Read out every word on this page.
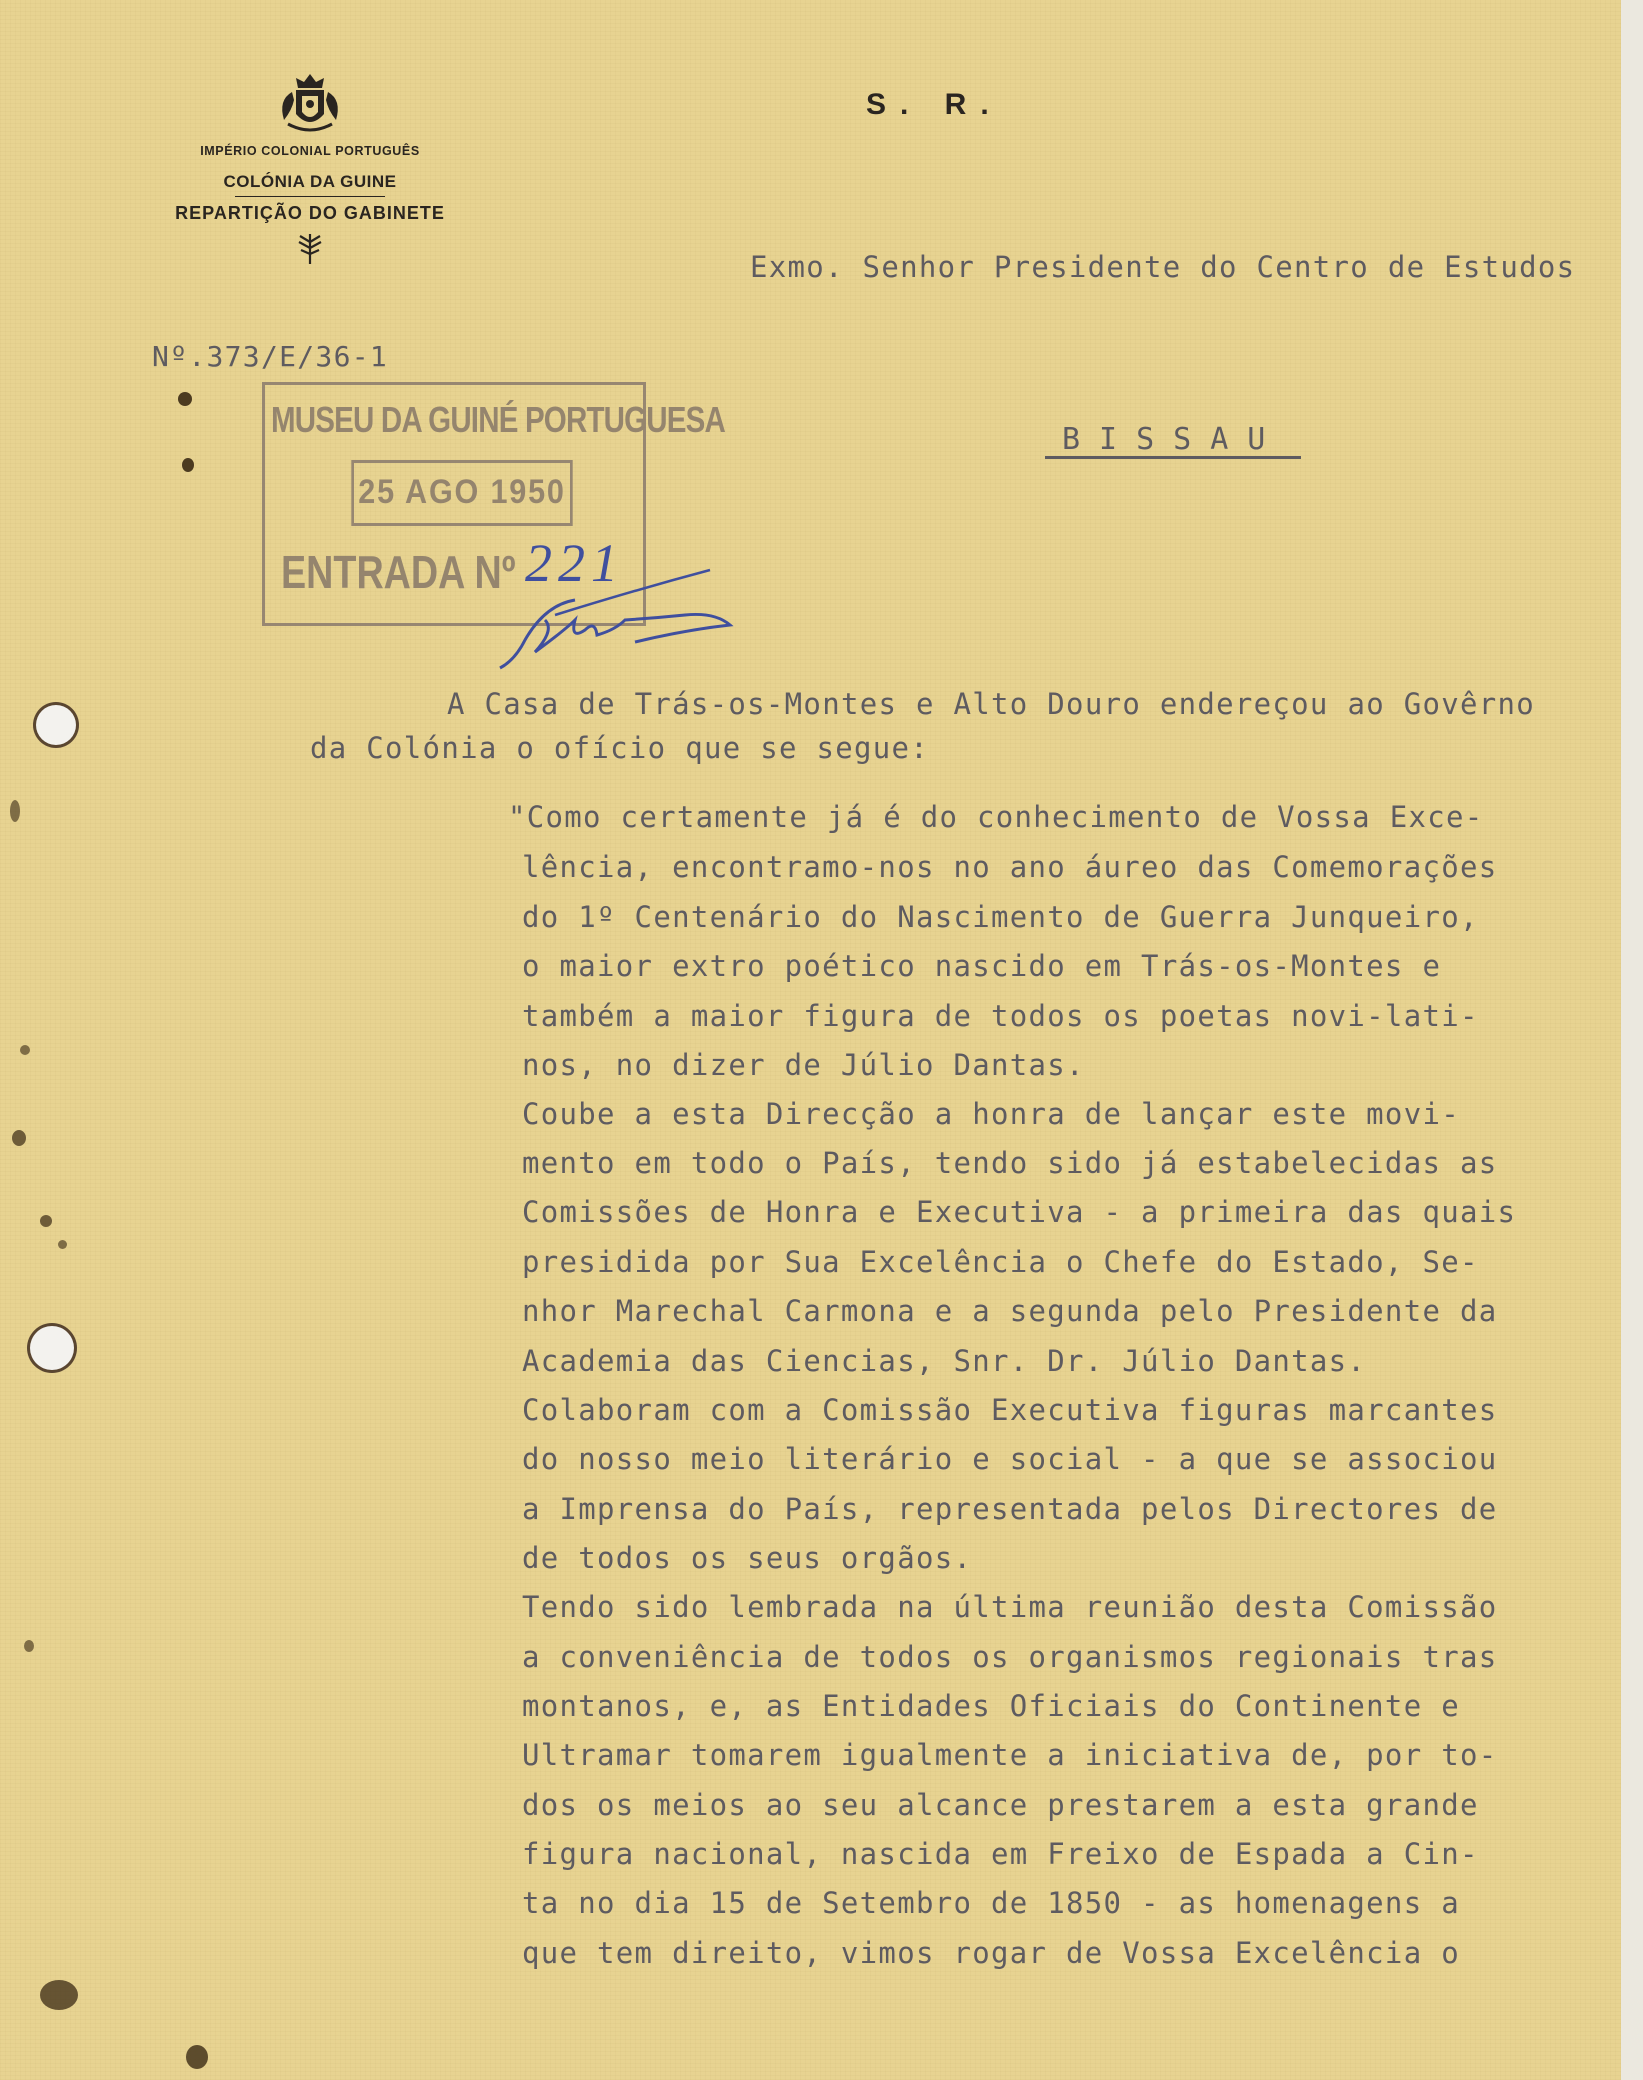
IMPÉRIO COLONIAL PORTUGUÊS
COLÓNIA DA GUINE
REPARTIÇÃO DO GABINETE
S. R.
Exmo. Senhor Presidente do Centro de Estudos
Nº.373/E/36-1
BISSAU
MUSEU DA GUINÉ PORTUGUESA
25 AGO 1950
ENTRADA Nº 221
A Casa de Trás-os-Montes e Alto Douro endereçou ao Govêrno
da Colónia o ofício que se segue:
"Como certamente já é do conhecimento de Vossa Exce-
lência, encontramo-nos no ano áureo das Comemorações
do 1º Centenário do Nascimento de Guerra Junqueiro,
o maior extro poético nascido em Trás-os-Montes e
também a maior figura de todos os poetas novi-lati-
nos, no dizer de Júlio Dantas.
Coube a esta Direcção a honra de lançar este movi-
mento em todo o País, tendo sido já estabelecidas as
Comissões de Honra e Executiva - a primeira das quais
presidida por Sua Excelência o Chefe do Estado, Se-
nhor Marechal Carmona e a segunda pelo Presidente da
Academia das Ciencias, Snr. Dr. Júlio Dantas.
Colaboram com a Comissão Executiva figuras marcantes
do nosso meio literário e social - a que se associou
a Imprensa do País, representada pelos Directores de
de todos os seus orgãos.
Tendo sido lembrada na última reunião desta Comissão
a conveniência de todos os organismos regionais tras
montanos, e, as Entidades Oficiais do Continente e
Ultramar tomarem igualmente a iniciativa de, por to-
dos os meios ao seu alcance prestarem a esta grande
figura nacional, nascida em Freixo de Espada a Cin-
ta no dia 15 de Setembro de 1850 - as homenagens a
que tem direito, vimos rogar de Vossa Excelência o
